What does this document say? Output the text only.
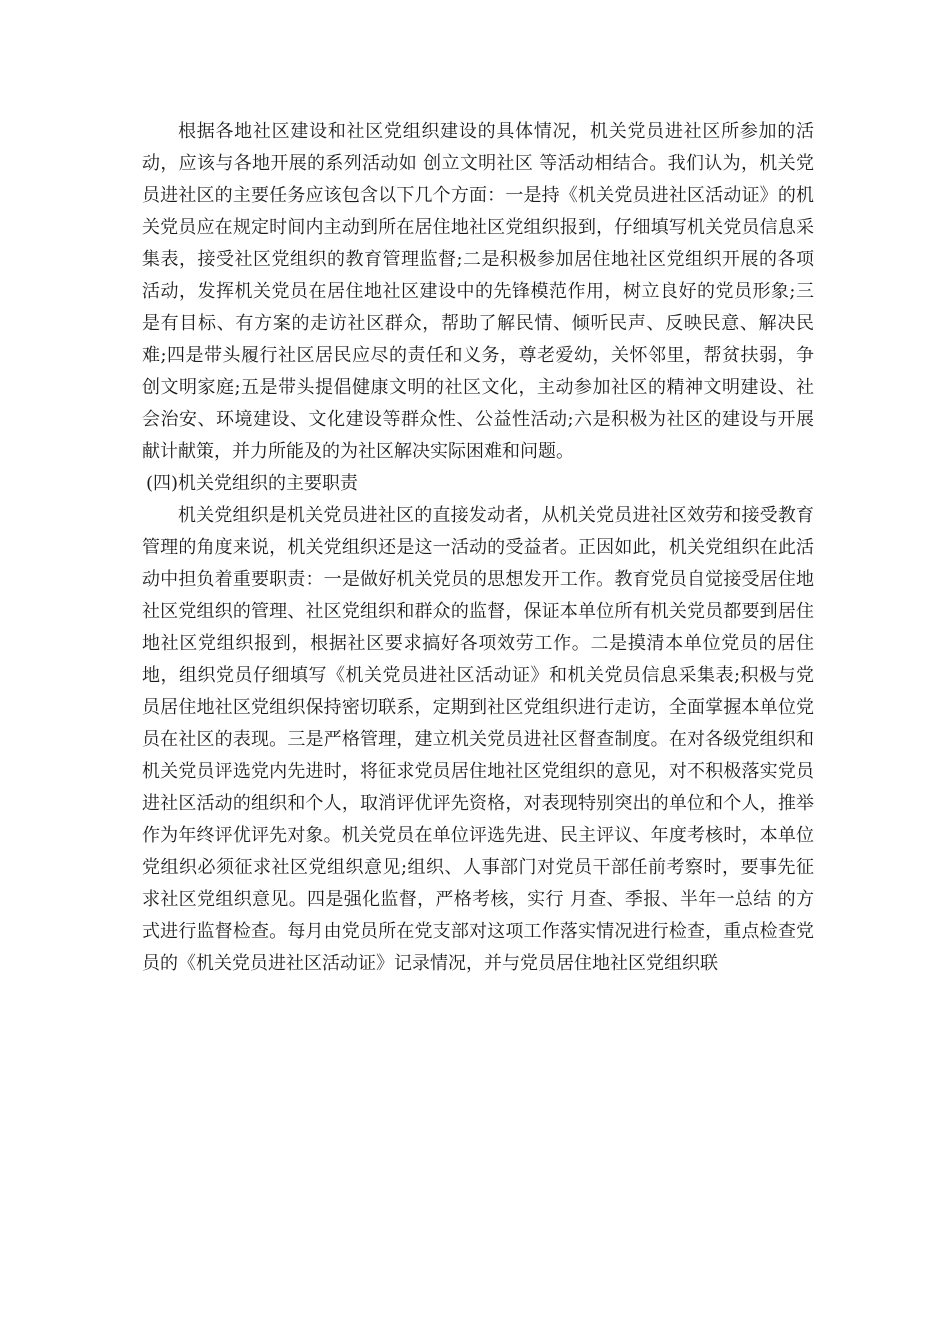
根据各地社区建设和社区党组织建设的具体情况，机关党员进社区所参加的活动，应该与各地开展的系列活动如 创立文明社区 等活动相结合。我们认为，机关党员进社区的主要任务应该包含以下几个方面：一是持《机关党员进社区活动证》的机关党员应在规定时间内主动到所在居住地社区党组织报到，仔细填写机关党员信息采集表，接受社区党组织的教育管理监督;二是积极参加居住地社区党组织开展的各项活动，发挥机关党员在居住地社区建设中的先锋模范作用，树立良好的党员形象;三是有目标、有方案的走访社区群众，帮助了解民情、倾听民声、反映民意、解决民难;四是带头履行社区居民应尽的责任和义务，尊老爱幼，关怀邻里，帮贫扶弱，争创文明家庭;五是带头提倡健康文明的社区文化，主动参加社区的精神文明建设、社会治安、环境建设、文化建设等群众性、公益性活动;六是积极为社区的建设与开展献计献策，并力所能及的为社区解决实际困难和问题。

(四)机关党组织的主要职责

机关党组织是机关党员进社区的直接发动者，从机关党员进社区效劳和接受教育管理的角度来说，机关党组织还是这一活动的受益者。正因如此，机关党组织在此活动中担负着重要职责：一是做好机关党员的思想发开工作。教育党员自觉接受居住地社区党组织的管理、社区党组织和群众的监督，保证本单位所有机关党员都要到居住地社区党组织报到，根据社区要求搞好各项效劳工作。二是摸清本单位党员的居住地，组织党员仔细填写《机关党员进社区活动证》和机关党员信息采集表;积极与党员居住地社区党组织保持密切联系，定期到社区党组织进行走访，全面掌握本单位党员在社区的表现。三是严格管理，建立机关党员进社区督查制度。在对各级党组织和机关党员评选党内先进时，将征求党员居住地社区党组织的意见，对不积极落实党员进社区活动的组织和个人，取消评优评先资格，对表现特别突出的单位和个人，推举作为年终评优评先对象。机关党员在单位评选先进、民主评议、年度考核时，本单位党组织必须征求社区党组织意见;组织、人事部门对党员干部任前考察时，要事先征求社区党组织意见。四是强化监督，严格考核，实行 月查、季报、半年一总结 的方式进行监督检查。每月由党员所在党支部对这项工作落实情况进行检查，重点检查党员的《机关党员进社区活动证》记录情况，并与党员居住地社区党组织联
